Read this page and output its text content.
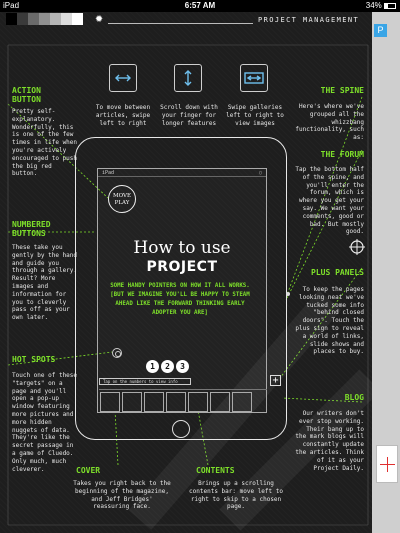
iPad	6:57 AM	34%
✹	PROJECT MANAGEMENT
P
To move between articles, swipe left to right
Scroll down with your finger for longer features
Swipe galleries left to right to view images
ACTION BUTTON
Pretty self-explanatory. Wonderfully, this is one of the few times in life when you're actively encouraged to push the big red button.
NUMBERED BUTTONS
These take you gently by the hand and guide you through a gallery. Result? More images and information for you to cleverly pass off as your own later.
HOT SPOTS
Touch one of these "targets" on a page and you'll open a pop-up window featuring more pictures and more hidden nuggets of data. They're like the secret passage in a game of Cluedo. Only much, much cleverer.
THE SPINE
Here's where we've grouped all the whizzbang functionality, such as:
THE FORUM
Tap the bottom half of the spine, and you'll enter the forum, which is where you get your say. We want your comments, good or bad. But mostly good.
PLUS PANELS
To keep the pages looking neat we've tucked some info "behind closed doors". Touch the plus sign to reveal a world of links, slide shows and places to buy.
BLOG
Our writers don't ever stop working. Their bang up to the mark blogs will constantly update the articles. Think of it as your Project Daily.
COVER
Takes you right back to the beginning of the magazine, and Jeff Bridges' reassuring face.
CONTENTS
Brings up a scrolling contents bar: move left to right to skip to a chosen page.
iPad	▯
MOVE
PLAY
How to use
PROJECT
SOME HANDY POINTERS ON HOW IT ALL WORKS. [BUT WE IMAGINE YOU'LL BE HAPPY TO STEAM AHEAD LIKE THE FORWARD THINKING EARLY ADOPTER YOU ARE]
1	2	3
Tap on the numbers to view info	+
